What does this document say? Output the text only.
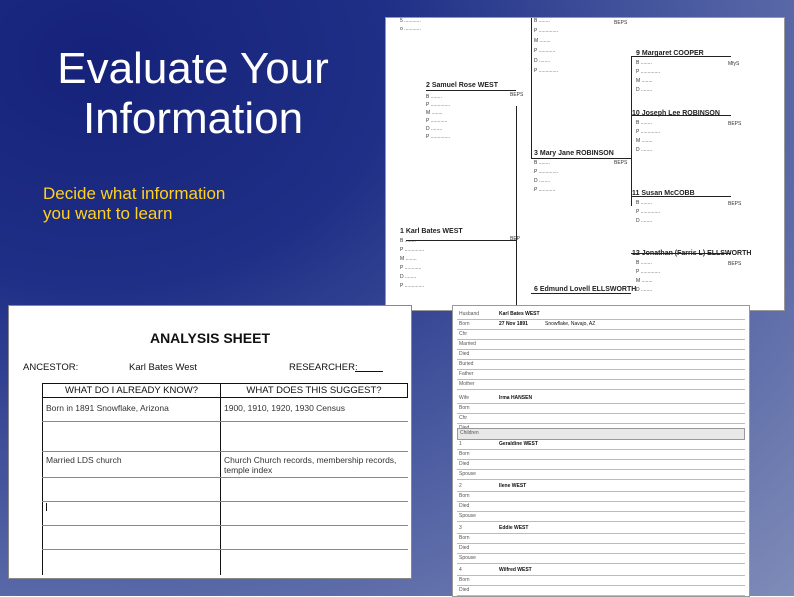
Evaluate Your
Information
Decide what information
you want to learn
5 ............
o ............
2 Samuel Rose WEST
3 Mary Jane ROBINSON
1 Karl Bates WEST
6 Edmund Lovell ELLSWORTH
9 Margaret COOPER
10 Joseph Lee ROBINSON
11 Susan McCOBB
12 Jonathan (Farris L) ELLSWORTH
BEPS
BEPS
BEPS
BEP
MfyS
BEPS
BEPS
BEPS
B ........
P ..............
M ........
P ............
D ........
P ..............
B ........
P ..............
M ........
P ............
D ........
P ..............
B ........
P ..............
D ........
P ............
B ........
P ..............
M ........
P ............
D ........
P ..............
B ........
P ..............
M ........
D ........
B ........
P ..............
M ........
D ........
B ........
P ..............
D ........
B ........
P ..............
M ........
D ........
Husband	Karl Bates WEST
Born	27 Nov 1891	Snowflake, Navajo, AZ
Chr
Married
Died
Buried
Father
Mother
Wife	Irma HANSEN
Born
Chr
Children
1	Geraldine WEST
Born
Died
Spouse
2	Ilene WEST
Born
Died
Spouse
3	Eddie WEST
Born
Died
Spouse
4	Wilfred WEST
Born
Died
ANALYSIS SHEET
ANCESTOR:	Karl Bates West	RESEARCHER:
WHAT DO I ALREADY KNOW?	WHAT DOES THIS SUGGEST?
Born in 1891 Snowflake, Arizona	1900, 1910, 1920, 1930 Census
Married LDS church	Church Church records, membership records, temple index
